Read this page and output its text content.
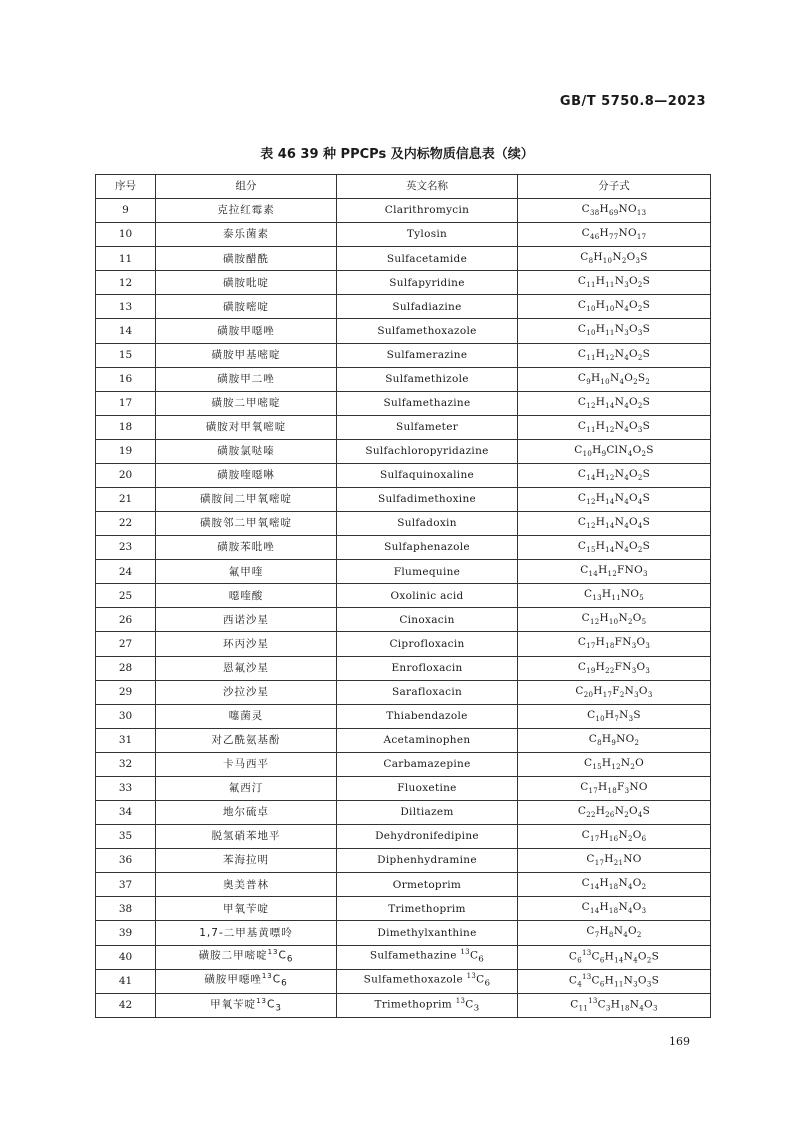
GB/T 5750.8—2023
表 46 39 种 PPCPs 及内标物质信息表（续）
序号	组分	英文名称	分子式
9	克拉红霉素	Clarithromycin	$C_{38}H_{69}NO_{13}$
10	泰乐菌素	Tylosin	$C_{46}H_{77}NO_{17}$
11	磺胺醋酰	Sulfacetamide	$C_8H_{10}N_2O_3S$
12	磺胺吡啶	Sulfapyridine	$C_{11}H_{11}N_3O_2S$
13	磺胺嘧啶	Sulfadiazine	$C_{10}H_{10}N_4O_2S$
14	磺胺甲噁唑	Sulfamethoxazole	$C_{10}H_{11}N_3O_3S$
15	磺胺甲基嘧啶	Sulfamerazine	$C_{11}H_{12}N_4O_2S$
16	磺胺甲二唑	Sulfamethizole	$C_9H_{10}N_4O_2S_2$
17	磺胺二甲嘧啶	Sulfamethazine	$C_{12}H_{14}N_4O_2S$
18	磺胺对甲氧嘧啶	Sulfameter	$C_{11}H_{12}N_4O_3S$
19	磺胺氯哒嗪	Sulfachloropyridazine	$C_{10}H_9ClN_4O_2S$
20	磺胺喹噁啉	Sulfaquinoxaline	$C_{14}H_{12}N_4O_2S$
21	磺胺间二甲氧嘧啶	Sulfadimethoxine	$C_{12}H_{14}N_4O_4S$
22	磺胺邻二甲氧嘧啶	Sulfadoxin	$C_{12}H_{14}N_4O_4S$
23	磺胺苯吡唑	Sulfaphenazole	$C_{15}H_{14}N_4O_2S$
24	氟甲喹	Flumequine	$C_{14}H_{12}FNO_3$
25	噁喹酸	Oxolinic acid	$C_{13}H_{11}NO_5$
26	西诺沙星	Cinoxacin	$C_{12}H_{10}N_2O_5$
27	环丙沙星	Ciprofloxacin	$C_{17}H_{18}FN_3O_3$
28	恩氟沙星	Enrofloxacin	$C_{19}H_{22}FN_3O_3$
29	沙拉沙星	Sarafloxacin	$C_{20}H_{17}F_2N_3O_3$
30	噻菌灵	Thiabendazole	$C_{10}H_7N_3S$
31	对乙酰氨基酚	Acetaminophen	$C_8H_9NO_2$
32	卡马西平	Carbamazepine	$C_{15}H_{12}N_2O$
33	氟西汀	Fluoxetine	$C_{17}H_{18}F_3NO$
34	地尔硫卓	Diltiazem	$C_{22}H_{26}N_2O_4S$
35	脱氢硝苯地平	Dehydronifedipine	$C_{17}H_{16}N_2O_6$
36	苯海拉明	Diphenhydramine	$C_{17}H_{21}NO$
37	奥美普林	Ormetoprim	$C_{14}H_{18}N_4O_2$
38	甲氧苄啶	Trimethoprim	$C_{14}H_{18}N_4O_3$
39	1,7-二甲基黄嘌呤	Dimethylxanthine	$C_7H_8N_4O_2$
40	磺胺二甲嘧啶$^{13}C_6$	Sulfamethazine $^{13}C_6$	$C_6^{13}C_6H_{14}N_4O_2S$
41	磺胺甲噁唑$^{13}C_6$	Sulfamethoxazole $^{13}C_6$	$C_4^{13}C_6H_{11}N_3O_3S$
42	甲氧苄啶$^{13}C_3$	Trimethoprim $^{13}C_3$	$C_{11}^{13}C_3H_{18}N_4O_3$
169
